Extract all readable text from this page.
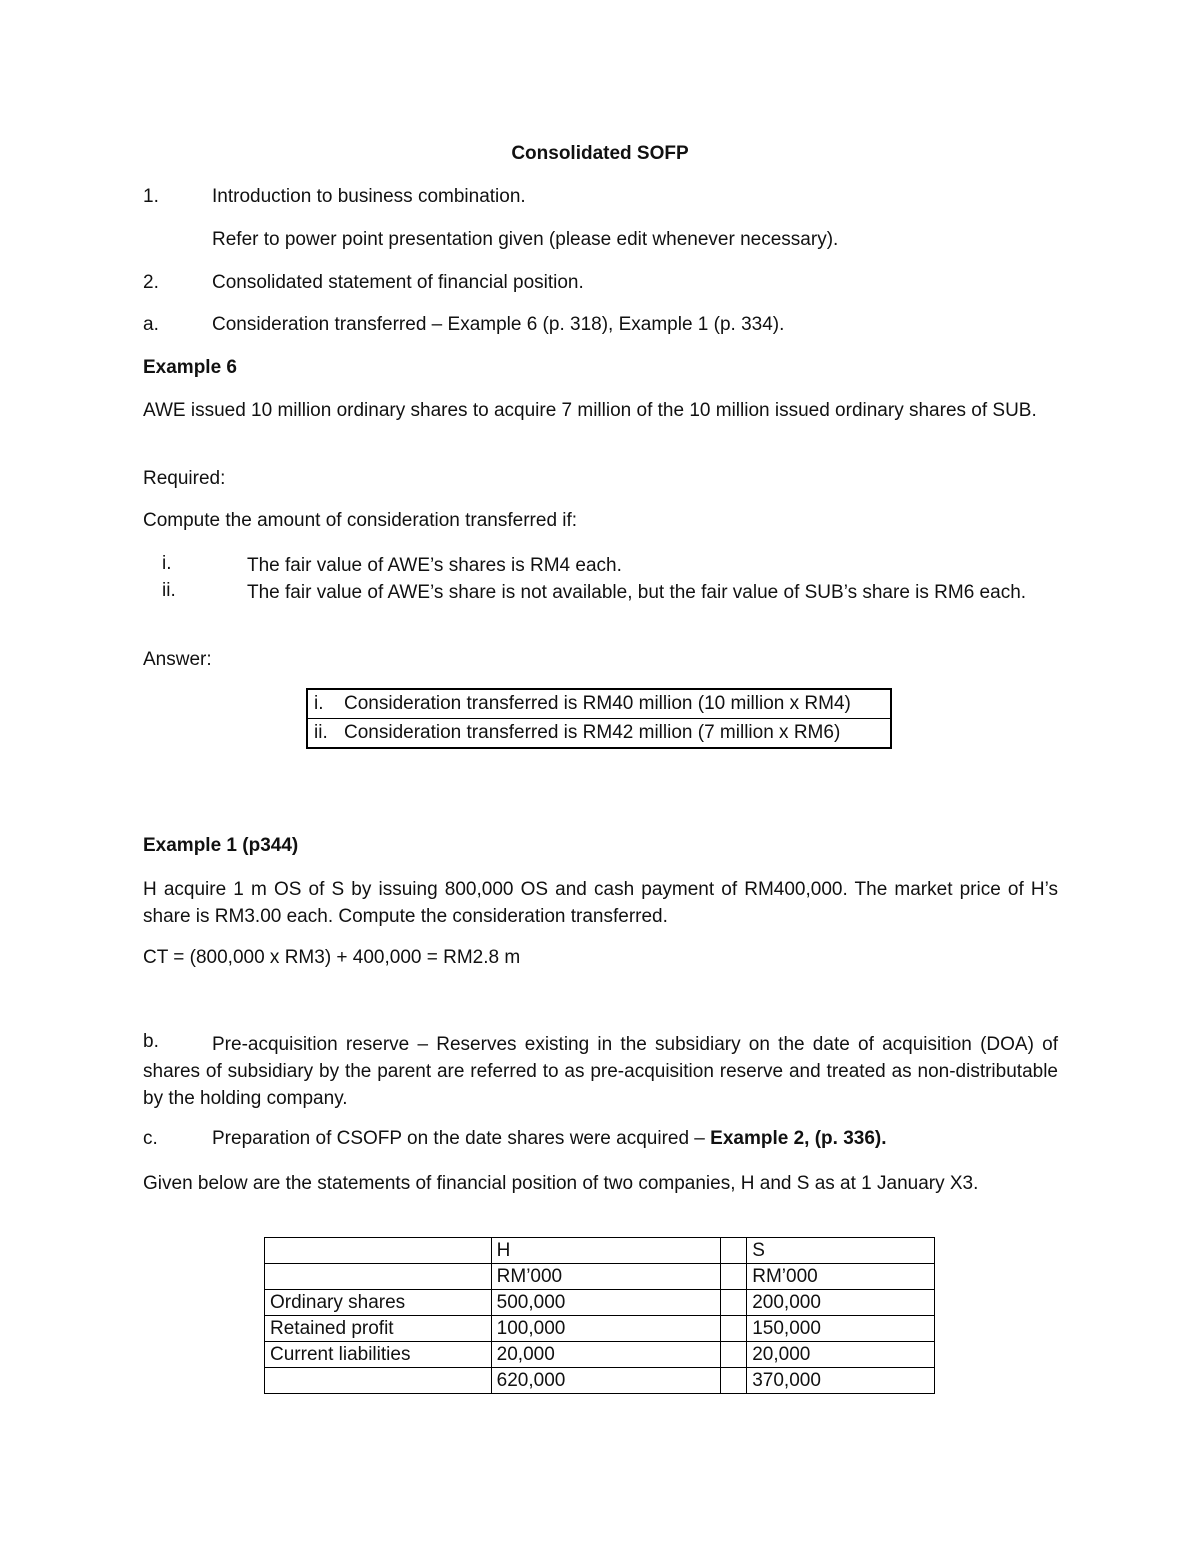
Consolidated SOFP
1.	Introduction to business combination.
Refer to power point presentation given (please edit whenever necessary).
2.	Consolidated statement of financial position.
a.	Consideration transferred – Example 6 (p. 318), Example 1 (p. 334).
Example 6
AWE issued 10 million ordinary shares to acquire 7 million of the 10 million issued ordinary shares of SUB.
Required:
Compute the amount of consideration transferred if:
i.	The fair value of AWE’s shares is RM4 each.
ii.	The fair value of AWE’s share is not available, but the fair value of SUB’s share is RM6 each.
Answer:
i. Consideration transferred is RM40 million (10 million x RM4)
ii. Consideration transferred is RM42 million (7 million x RM6)
Example 1 (p344)
H acquire 1 m OS of S by issuing 800,000 OS and cash payment of RM400,000. The market price of H’s share is RM3.00 each. Compute the consideration transferred.
CT = (800,000 x RM3) + 400,000 = RM2.8 m
b.	Pre-acquisition reserve – Reserves existing in the subsidiary on the date of acquisition (DOA) of shares of subsidiary by the parent are referred to as pre-acquisition reserve and treated as non-distributable by the holding company.
c.	Preparation of CSOFP on the date shares were acquired – Example 2, (p. 336).
Given below are the statements of financial position of two companies, H and S as at 1 January X3.
	H		S
	RM’000		RM’000
Ordinary shares	500,000		200,000
Retained profit	100,000		150,000
Current liabilities	20,000		20,000
	620,000		370,000
